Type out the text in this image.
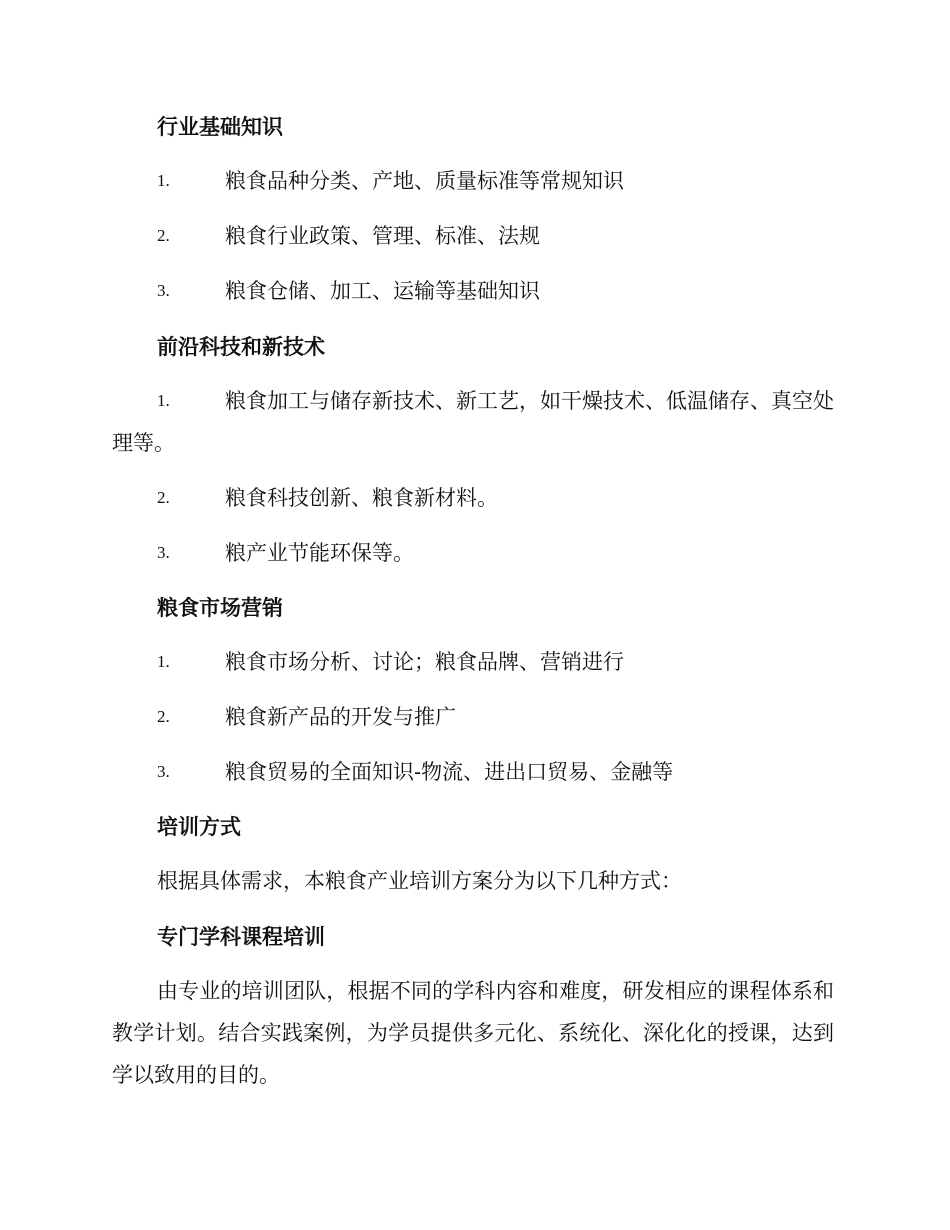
行业基础知识
1.	粮食品种分类、产地、质量标准等常规知识
2.	粮食行业政策、管理、标准、法规
3.	粮食仓储、加工、运输等基础知识
前沿科技和新技术
1.	粮食加工与储存新技术、新工艺，如干燥技术、低温储存、真空处理等。
2.	粮食科技创新、粮食新材料。
3.	粮产业节能环保等。
粮食市场营销
1.	粮食市场分析、讨论；粮食品牌、营销进行
2.	粮食新产品的开发与推广
3.	粮食贸易的全面知识-物流、进出口贸易、金融等
培训方式
根据具体需求，本粮食产业培训方案分为以下几种方式：
专门学科课程培训
由专业的培训团队，根据不同的学科内容和难度，研发相应的课程体系和教学计划。结合实践案例，为学员提供多元化、系统化、深化化的授课，达到学以致用的目的。
